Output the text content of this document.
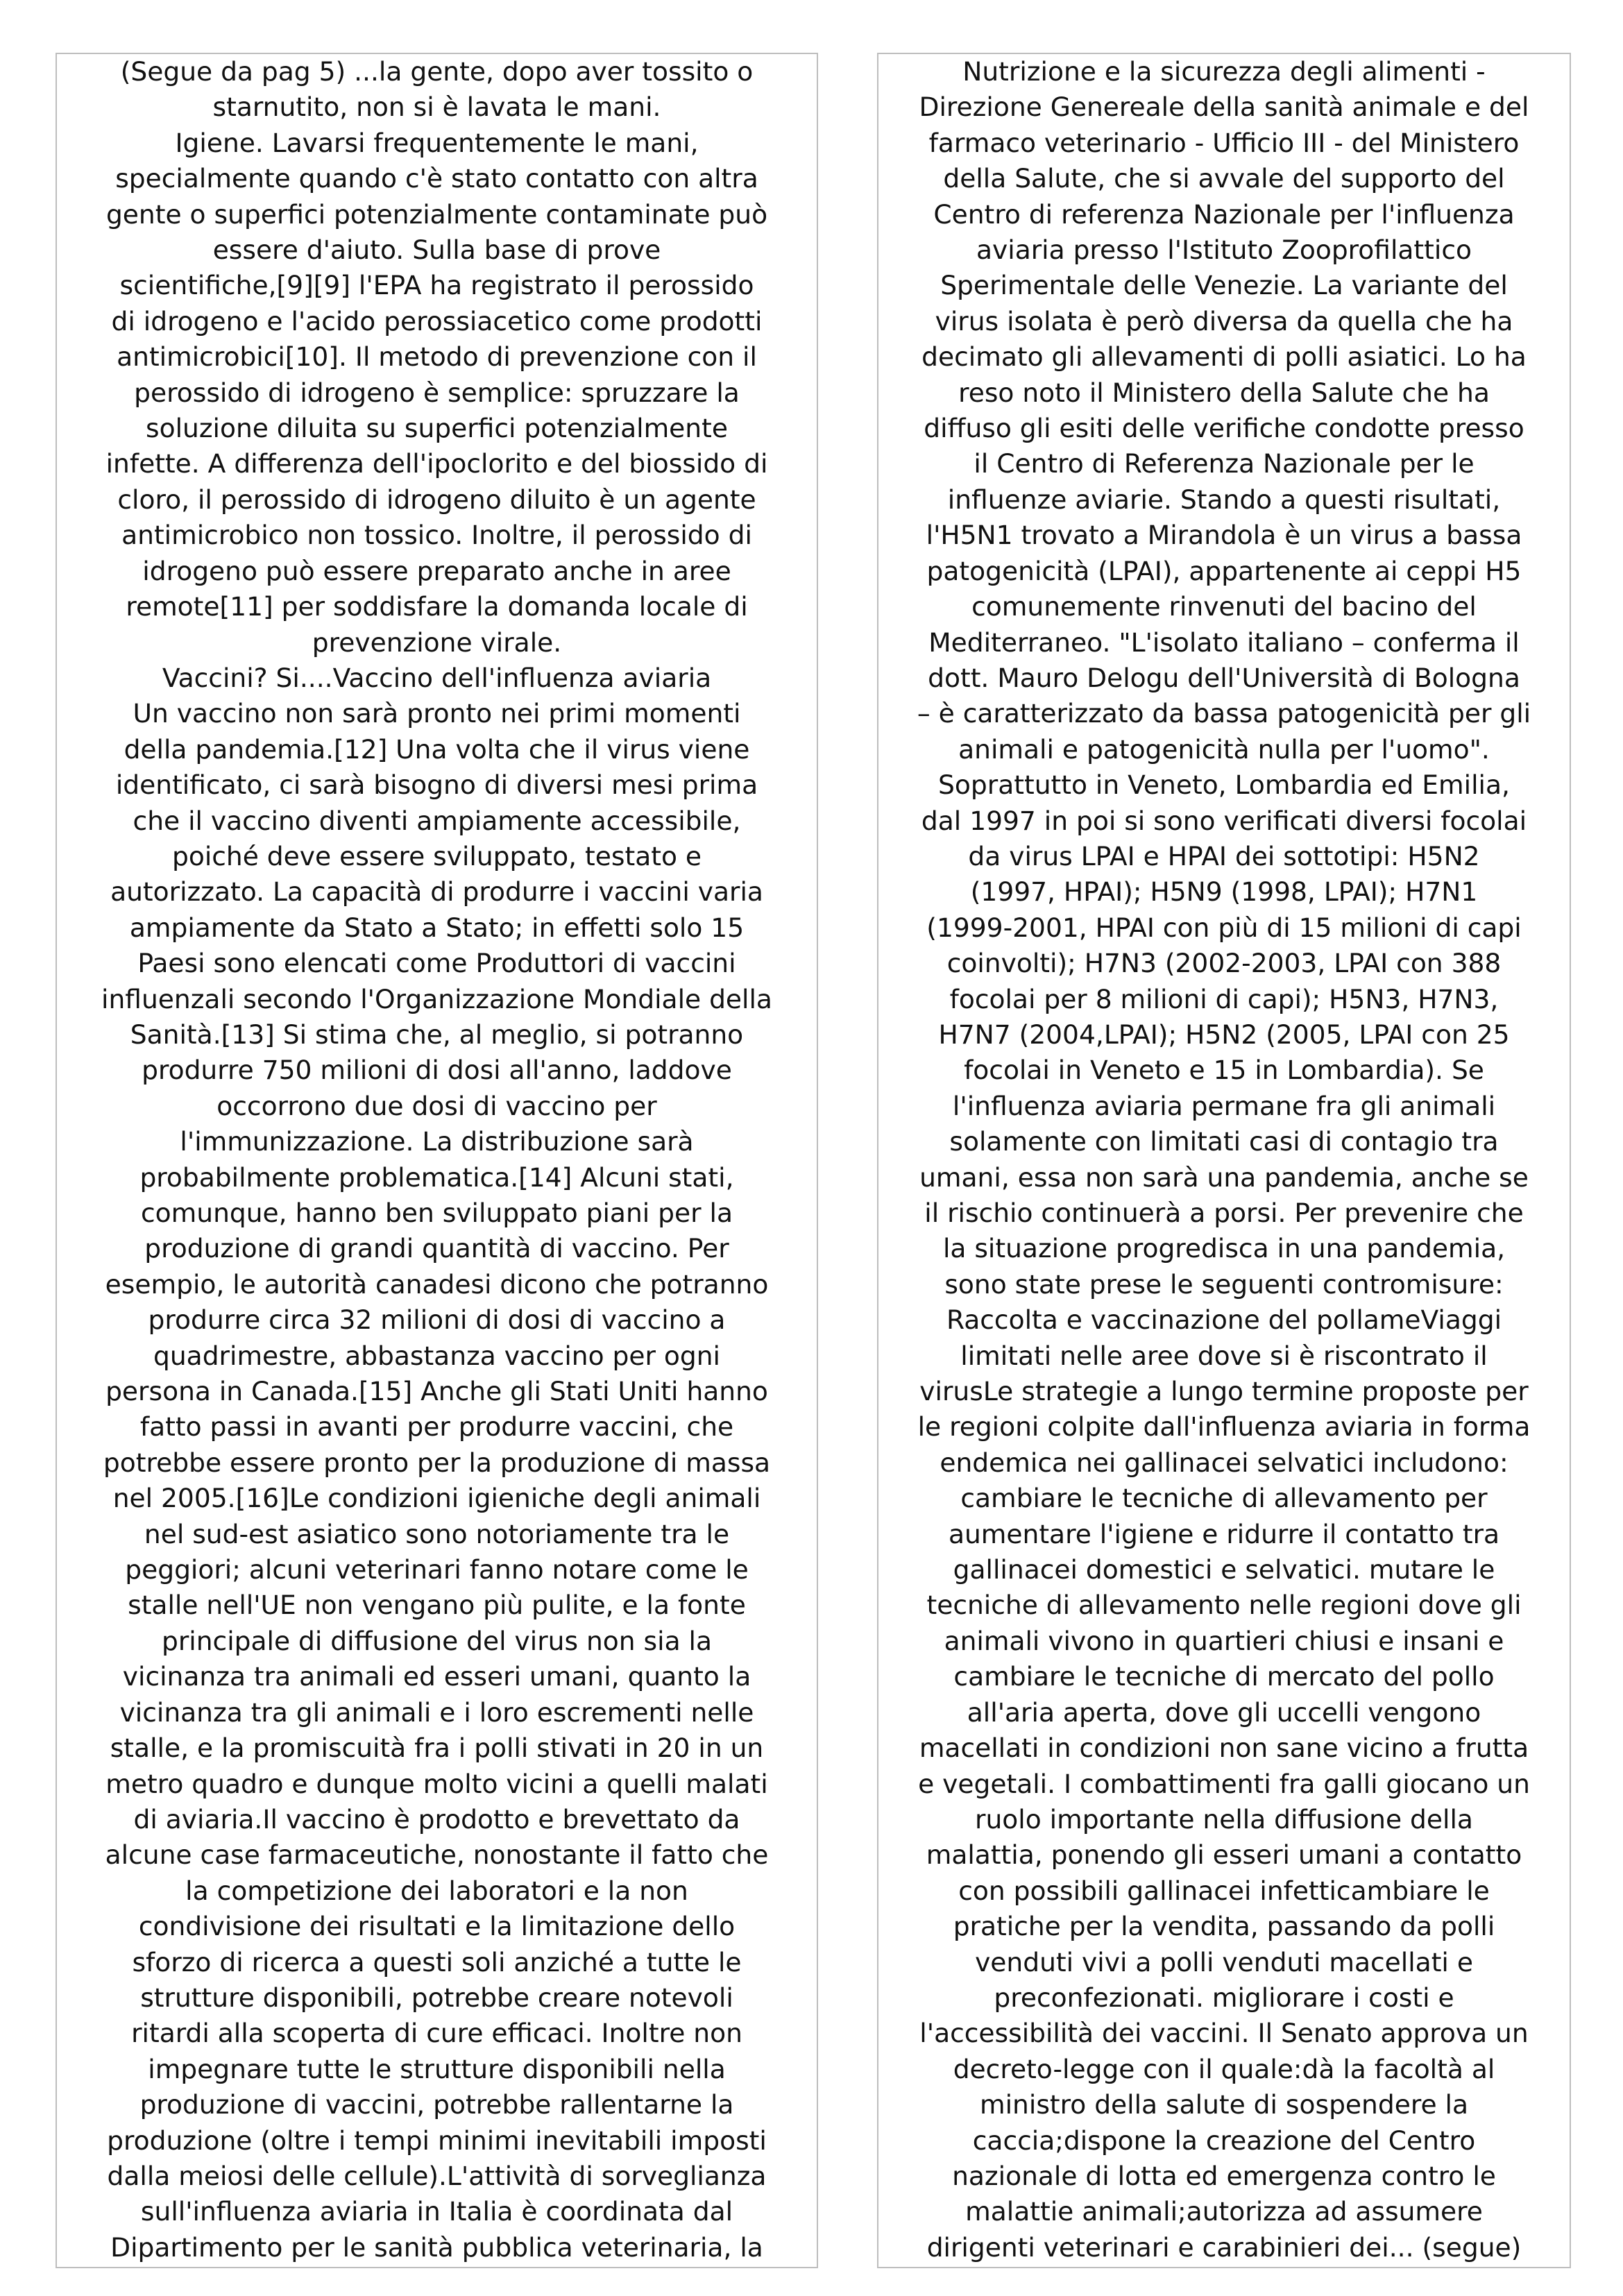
(Segue da pag 5) ...la gente, dopo aver tossito o
starnutito, non si è lavata le mani.
Igiene. Lavarsi frequentemente le mani,
specialmente quando c'è stato contatto con altra
gente o superfici potenzialmente contaminate può
essere d'aiuto. Sulla base di prove
scientifiche,[9][9] l'EPA ha registrato il perossido
di idrogeno e l'acido perossiacetico come prodotti
antimicrobici[10]. Il metodo di prevenzione con il
perossido di idrogeno è semplice: spruzzare la
soluzione diluita su superfici potenzialmente
infette. A differenza dell'ipoclorito e del biossido di
cloro, il perossido di idrogeno diluito è un agente
antimicrobico non tossico. Inoltre, il perossido di
idrogeno può essere preparato anche in aree
remote[11] per soddisfare la domanda locale di
prevenzione virale.
Vaccini? Si....Vaccino dell'influenza aviaria
Un vaccino non sarà pronto nei primi momenti
della pandemia.[12] Una volta che il virus viene
identificato, ci sarà bisogno di diversi mesi prima
che il vaccino diventi ampiamente accessibile,
poiché deve essere sviluppato, testato e
autorizzato. La capacità di produrre i vaccini varia
ampiamente da Stato a Stato; in effetti solo 15
Paesi sono elencati come Produttori di vaccini
influenzali secondo l'Organizzazione Mondiale della
Sanità.[13] Si stima che, al meglio, si potranno
produrre 750 milioni di dosi all'anno, laddove
occorrono due dosi di vaccino per
l'immunizzazione. La distribuzione sarà
probabilmente problematica.[14] Alcuni stati,
comunque, hanno ben sviluppato piani per la
produzione di grandi quantità di vaccino. Per
esempio, le autorità canadesi dicono che potranno
produrre circa 32 milioni di dosi di vaccino a
quadrimestre, abbastanza vaccino per ogni
persona in Canada.[15] Anche gli Stati Uniti hanno
fatto passi in avanti per produrre vaccini, che
potrebbe essere pronto per la produzione di massa
nel 2005.[16]Le condizioni igieniche degli animali
nel sud-est asiatico sono notoriamente tra le
peggiori; alcuni veterinari fanno notare come le
stalle nell'UE non vengano più pulite, e la fonte
principale di diffusione del virus non sia la
vicinanza tra animali ed esseri umani, quanto la
vicinanza tra gli animali e i loro escrementi nelle
stalle, e la promiscuità fra i polli stivati in 20 in un
metro quadro e dunque molto vicini a quelli malati
di aviaria.Il vaccino è prodotto e brevettato da
alcune case farmaceutiche, nonostante il fatto che
la competizione dei laboratori e la non
condivisione dei risultati e la limitazione dello
sforzo di ricerca a questi soli anziché a tutte le
strutture disponibili, potrebbe creare notevoli
ritardi alla scoperta di cure efficaci. Inoltre non
impegnare tutte le strutture disponibili nella
produzione di vaccini, potrebbe rallentarne la
produzione (oltre i tempi minimi inevitabili imposti
dalla meiosi delle cellule).L'attività di sorveglianza
sull'influenza aviaria in Italia è coordinata dal
Dipartimento per le sanità pubblica veterinaria, la

Nutrizione e la sicurezza degli alimenti -
Direzione Genereale della sanità animale e del
farmaco veterinario - Ufficio III - del Ministero
della Salute, che si avvale del supporto del
Centro di referenza Nazionale per l'influenza
aviaria presso l'Istituto Zooprofilattico
Sperimentale delle Venezie. La variante del
virus isolata è però diversa da quella che ha
decimato gli allevamenti di polli asiatici. Lo ha
reso noto il Ministero della Salute che ha
diffuso gli esiti delle verifiche condotte presso
il Centro di Referenza Nazionale per le
influenze aviarie. Stando a questi risultati,
l'H5N1 trovato a Mirandola è un virus a bassa
patogenicità (LPAI), appartenente ai ceppi H5
comunemente rinvenuti del bacino del
Mediterraneo. "L'isolato italiano – conferma il
dott. Mauro Delogu dell'Università di Bologna
– è caratterizzato da bassa patogenicità per gli
animali e patogenicità nulla per l'uomo".
Soprattutto in Veneto, Lombardia ed Emilia,
dal 1997 in poi si sono verificati diversi focolai
da virus LPAI e HPAI dei sottotipi: H5N2
(1997, HPAI); H5N9 (1998, LPAI); H7N1
(1999-2001, HPAI con più di 15 milioni di capi
coinvolti); H7N3 (2002-2003, LPAI con 388
focolai per 8 milioni di capi); H5N3, H7N3,
H7N7 (2004,LPAI); H5N2 (2005, LPAI con 25
focolai in Veneto e 15 in Lombardia). Se
l'influenza aviaria permane fra gli animali
solamente con limitati casi di contagio tra
umani, essa non sarà una pandemia, anche se
il rischio continuerà a porsi. Per prevenire che
la situazione progredisca in una pandemia,
sono state prese le seguenti contromisure:
Raccolta e vaccinazione del pollameViaggi
limitati nelle aree dove si è riscontrato il
virusLe strategie a lungo termine proposte per
le regioni colpite dall'influenza aviaria in forma
endemica nei gallinacei selvatici includono:
cambiare le tecniche di allevamento per
aumentare l'igiene e ridurre il contatto tra
gallinacei domestici e selvatici. mutare le
tecniche di allevamento nelle regioni dove gli
animali vivono in quartieri chiusi e insani e
cambiare le tecniche di mercato del pollo
all'aria aperta, dove gli uccelli vengono
macellati in condizioni non sane vicino a frutta
e vegetali. I combattimenti fra galli giocano un
ruolo importante nella diffusione della
malattia, ponendo gli esseri umani a contatto
con possibili gallinacei infetticambiare le
pratiche per la vendita, passando da polli
venduti vivi a polli venduti macellati e
preconfezionati. migliorare i costi e
l'accessibilità dei vaccini. Il Senato approva un
decreto-legge con il quale:dà la facoltà al
ministro della salute di sospendere la
caccia;dispone la creazione del Centro
nazionale di lotta ed emergenza contro le
malattie animali;autorizza ad assumere
dirigenti veterinari e carabinieri dei... (segue)
